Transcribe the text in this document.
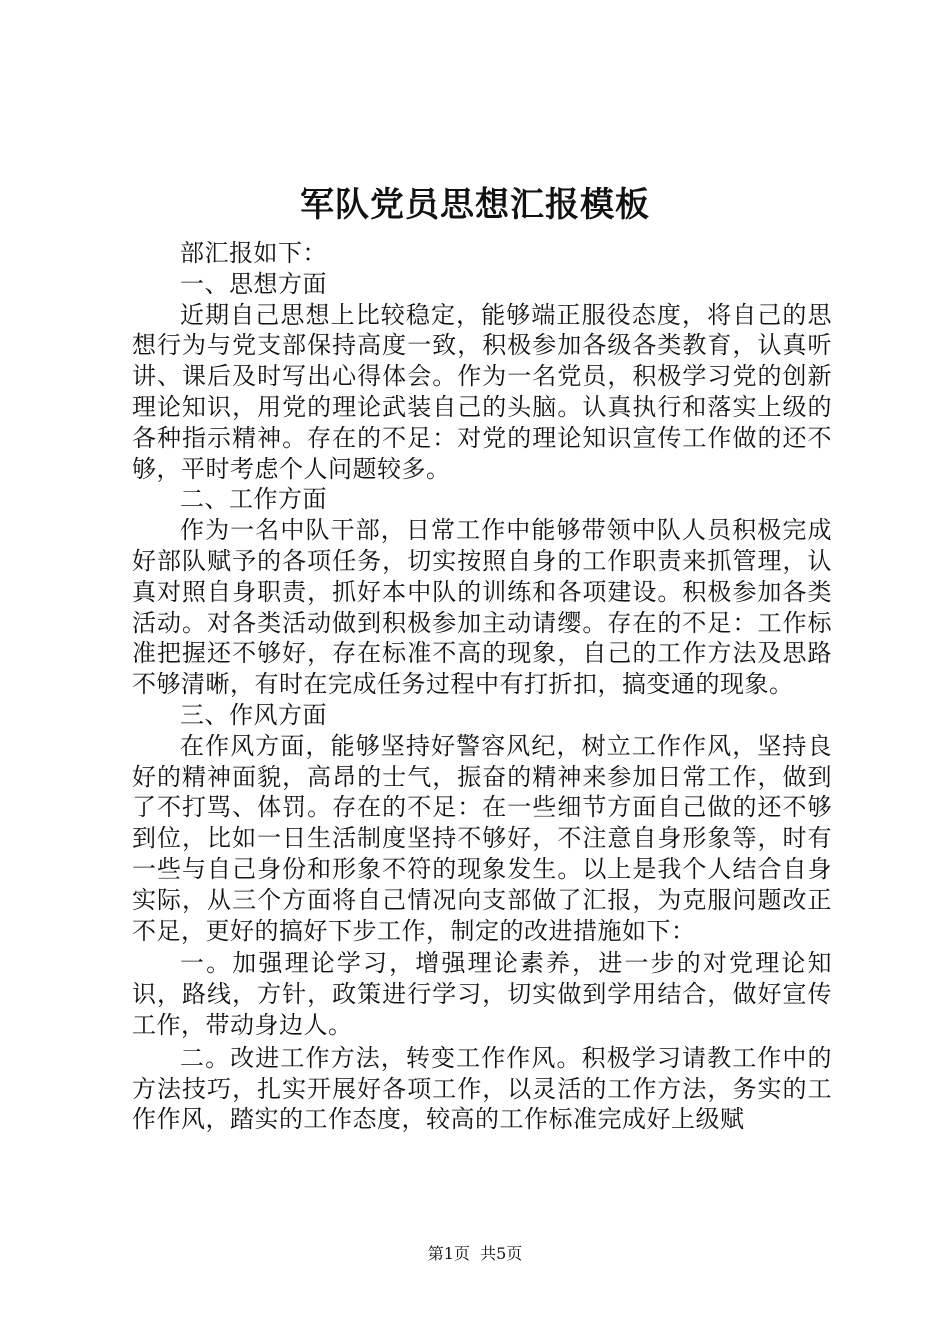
军队党员思想汇报模板

部汇报如下：

一、思想方面

近期自己思想上比较稳定，能够端正服役态度，将自己的思想行为与党支部保持高度一致，积极参加各级各类教育，认真听讲、课后及时写出心得体会。作为一名党员，积极学习党的创新理论知识，用党的理论武装自己的头脑。认真执行和落实上级的各种指示精神。存在的不足：对党的理论知识宣传工作做的还不够，平时考虑个人问题较多。

二、工作方面

作为一名中队干部，日常工作中能够带领中队人员积极完成好部队赋予的各项任务，切实按照自身的工作职责来抓管理，认真对照自身职责，抓好本中队的训练和各项建设。积极参加各类活动。对各类活动做到积极参加主动请缨。存在的不足：工作标准把握还不够好，存在标准不高的现象，自己的工作方法及思路不够清晰，有时在完成任务过程中有打折扣，搞变通的现象。

三、作风方面

在作风方面，能够坚持好警容风纪，树立工作作风，坚持良好的精神面貌，高昂的士气，振奋的精神来参加日常工作，做到了不打骂、体罚。存在的不足：在一些细节方面自己做的还不够到位，比如一日生活制度坚持不够好，不注意自身形象等，时有一些与自己身份和形象不符的现象发生。以上是我个人结合自身实际，从三个方面将自己情况向支部做了汇报，为克服问题改正不足，更好的搞好下步工作，制定的改进措施如下：

一。加强理论学习，增强理论素养，进一步的对党理论知识，路线，方针，政策进行学习，切实做到学用结合，做好宣传工作，带动身边人。

二。改进工作方法，转变工作作风。积极学习请教工作中的方法技巧，扎实开展好各项工作，以灵活的工作方法，务实的工作作风，踏实的工作态度，较高的工作标准完成好上级赋

第1页 共5页
